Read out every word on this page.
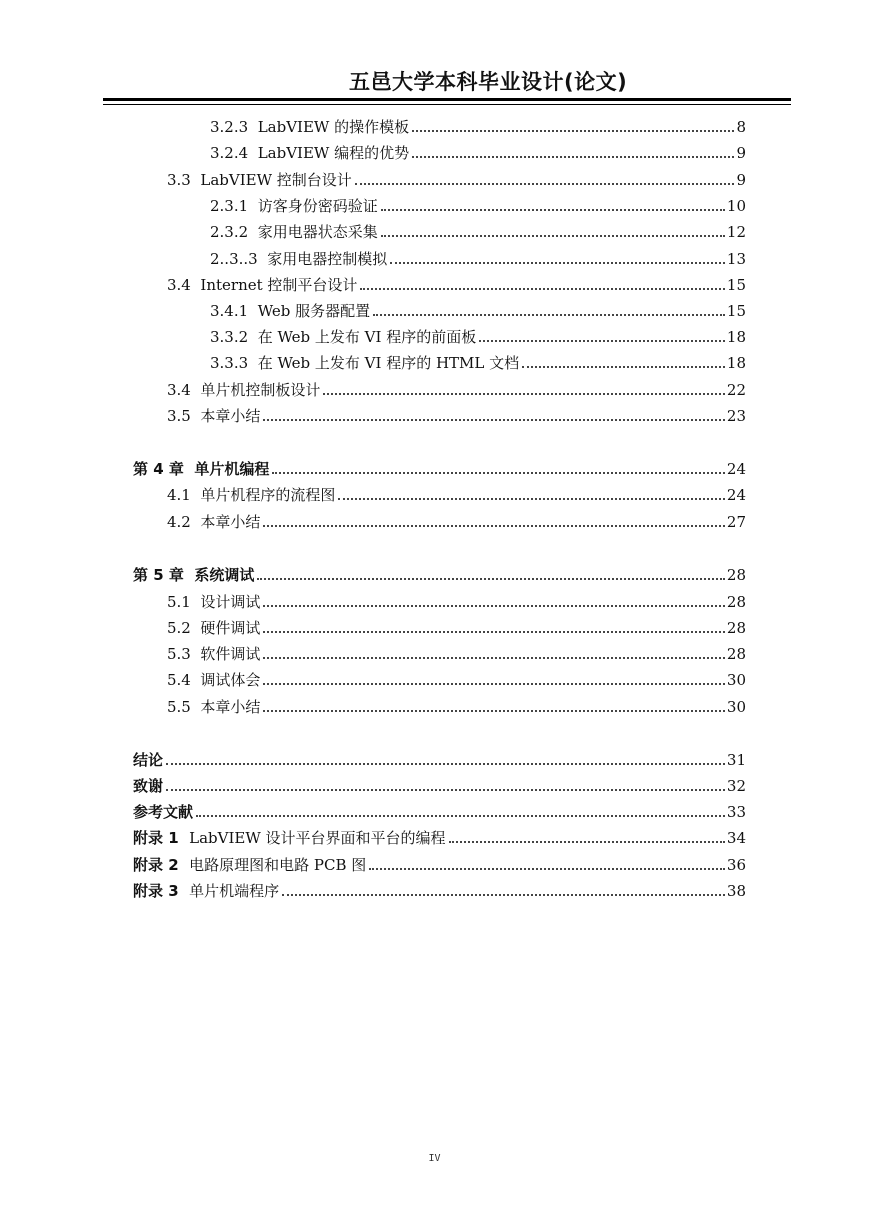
五邑大学本科毕业设计(论文)
3.2.3 LabVIEW 的操作模板	8
3.2.4 LabVIEW 编程的优势	9
3.3 LabVIEW 控制台设计	9
2.3.1 访客身份密码验证	10
2.3.2 家用电器状态采集	12
2..3..3 家用电器控制模拟	13
3.4 Internet 控制平台设计	15
3.4.1 Web 服务器配置	15
3.3.2 在 Web 上发布 VI 程序的前面板	18
3.3.3 在 Web 上发布 VI 程序的 HTML 文档	18
3.4 单片机控制板设计	22
3.5 本章小结	23
第 4 章 单片机编程	24
4.1 单片机程序的流程图	24
4.2 本章小结	27
第 5 章 系统调试	28
5.1 设计调试	28
5.2 硬件调试	28
5.3 软件调试	28
5.4 调试体会	30
5.5 本章小结	30
结论	31
致谢	32
参考文献	33
附录 1 LabVIEW 设计平台界面和平台的编程	34
附录 2 电路原理图和电路 PCB 图	36
附录 3 单片机端程序	38
IV
